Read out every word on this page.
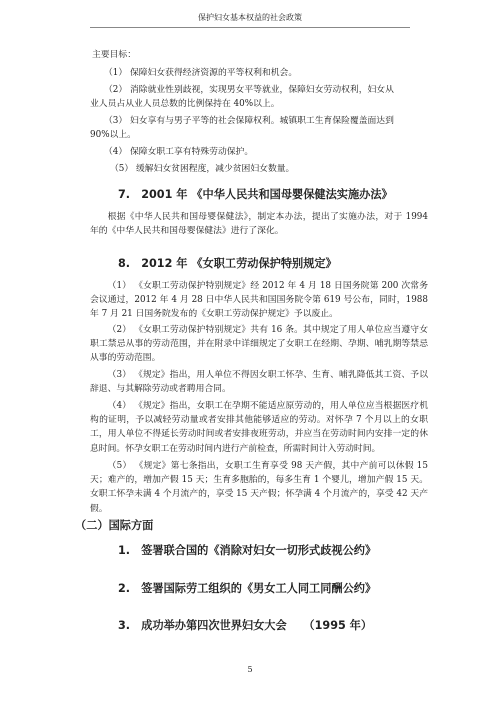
保护妇女基本权益的社会政策
主要目标：
（1） 保障妇女获得经济资源的平等权利和机会。
（2） 消除就业性别歧视，实现男女平等就业，保障妇女劳动权利，妇女从
业人员占从业人员总数的比例保持在 40%以上。
（3） 妇女享有与男子平等的社会保障权利。城镇职工生育保险覆盖面达到
90%以上。
（4） 保障女职工享有特殊劳动保护。
（5） 缓解妇女贫困程度，减少贫困妇女数量。
7.　2001 年 《中华人民共和国母婴保健法实施办法》
根据《中华人民共和国母婴保健法》，制定本办法，提出了实施办法，对于 1994 年的《中华人民共和国母婴保健法》进行了深化。
8.　2012 年 《女职工劳动保护特别规定》
（1） 《女职工劳动保护特别规定》经 2012 年 4 月 18 日国务院第 200 次常务会议通过，2012 年 4 月 28 日中华人民共和国国务院令第 619 号公布，同时，1988 年 7 月 21 日国务院发布的《女职工劳动保护规定》予以废止。
（2） 《女职工劳动保护特别规定》共有 16 条。其中规定了用人单位应当遵守女职工禁忌从事的劳动范围，并在附录中详细规定了女职工在经期、孕期、哺乳期等禁忌从事的劳动范围。
（3） 《规定》指出，用人单位不得因女职工怀孕、生育、哺乳降低其工资、予以辞退、与其解除劳动或者聘用合同。
（4） 《规定》指出，女职工在孕期不能适应原劳动的，用人单位应当根据医疗机构的证明，予以减轻劳动量或者安排其他能够适应的劳动。对怀孕 7 个月以上的女职工，用人单位不得延长劳动时间或者安排夜班劳动，并应当在劳动时间内安排一定的休息时间。怀孕女职工在劳动时间内进行产前检查，所需时间计入劳动时间。
（5） 《规定》第七条指出，女职工生育享受 98 天产假，其中产前可以休假 15 天；难产的，增加产假 15 天；生育多胞胎的，每多生育 1 个婴儿，增加产假 15 天。女职工怀孕未满 4 个月流产的，享受 15 天产假；怀孕满 4 个月流产的，享受 42 天产假。
（二）国际方面
1.　签署联合国的《消除对妇女一切形式歧视公约》
2.　签署国际劳工组织的《男女工人同工同酬公约》
3.　成功举办第四次世界妇女大会　　（1995 年）
5
